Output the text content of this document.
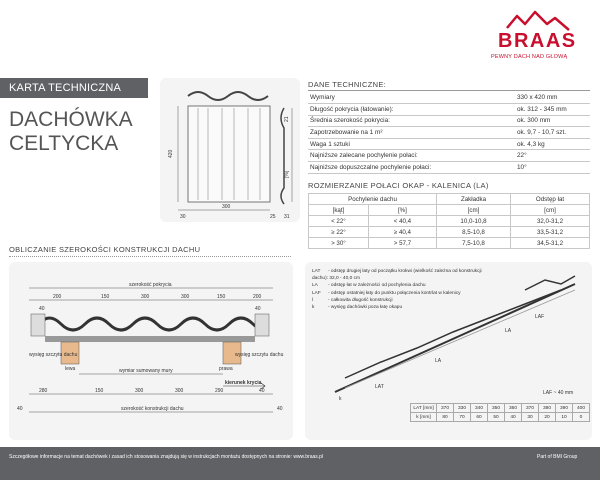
KARTA TECHNICZNA
DACHÓWKA
CELTYCKA
BRAAS
PEWNY DACH NAD GŁOWĄ
420
300
30
21
[%]
25 31
DANE TECHNICZNE:
Wymiary	330 x 420 mm
Długość pokrycia (łatowanie):	ok. 312 - 345 mm
Średnia szerokość pokrycia:	ok. 300 mm
Zapotrzebowanie na 1 m²	ok. 9,7 - 10,7 szt.
Waga 1 sztuki	ok. 4,3 kg
Najniższe zalecane pochylenie połaci:	22°
Najniższe dopuszczalne pochylenie połaci:	10°
ROZMIERZANIE POŁACI OKAP - KALENICA (LA)
Pochylenie dachu		Zakładka	Odstęp łat
[kąt]	[%]	[cm]	[cm]
< 22°	< 40,4	10,0-10,8	32,0-31,2
≥ 22°	≥ 40,4	8,5-10,8	33,5-31,2
> 30°	> 57,7	7,5-10,8	34,5-31,2
OBLICZANIE SZEROKOŚCI KONSTRUKCJI DACHU
szerokość pokrycia
200	150	300	300	150	200
40	40
wysięg szczytu dachu	wysięg szczytu dachu
lewa	prawa
wymiar sumowany mury
280	150	300	300	290	40
kierunek krycia
szerokość konstrukcji dachu
40	40
LAT - odstęp drugiej łaty od początku krokwi (wielkość zależna od konstrukcji dachu): 32,0 - 40,0 cm
LA - odstęp łat w zależności od pochylenia dachu
LAF - odstęp ostatniej łaty do punktu połączenia kontrlat w kalenicy
l	- całkowita długość konstrukcji
k	- wysięg dachówki poza łatę okapu
LAF
LA
LA
LAT
k
LAF ~ 40 mm
LAT [mm]	370	330	340	350	360	370	380	390	400
k [mm]	80	70	60	50	40	30	20	10	0
Szczegółowe informacje na temat dachówek i zasad ich stosowania znajdują się w instrukcjach montażu dostępnych na stronie: www.braas.pl	Part of BMI Group
